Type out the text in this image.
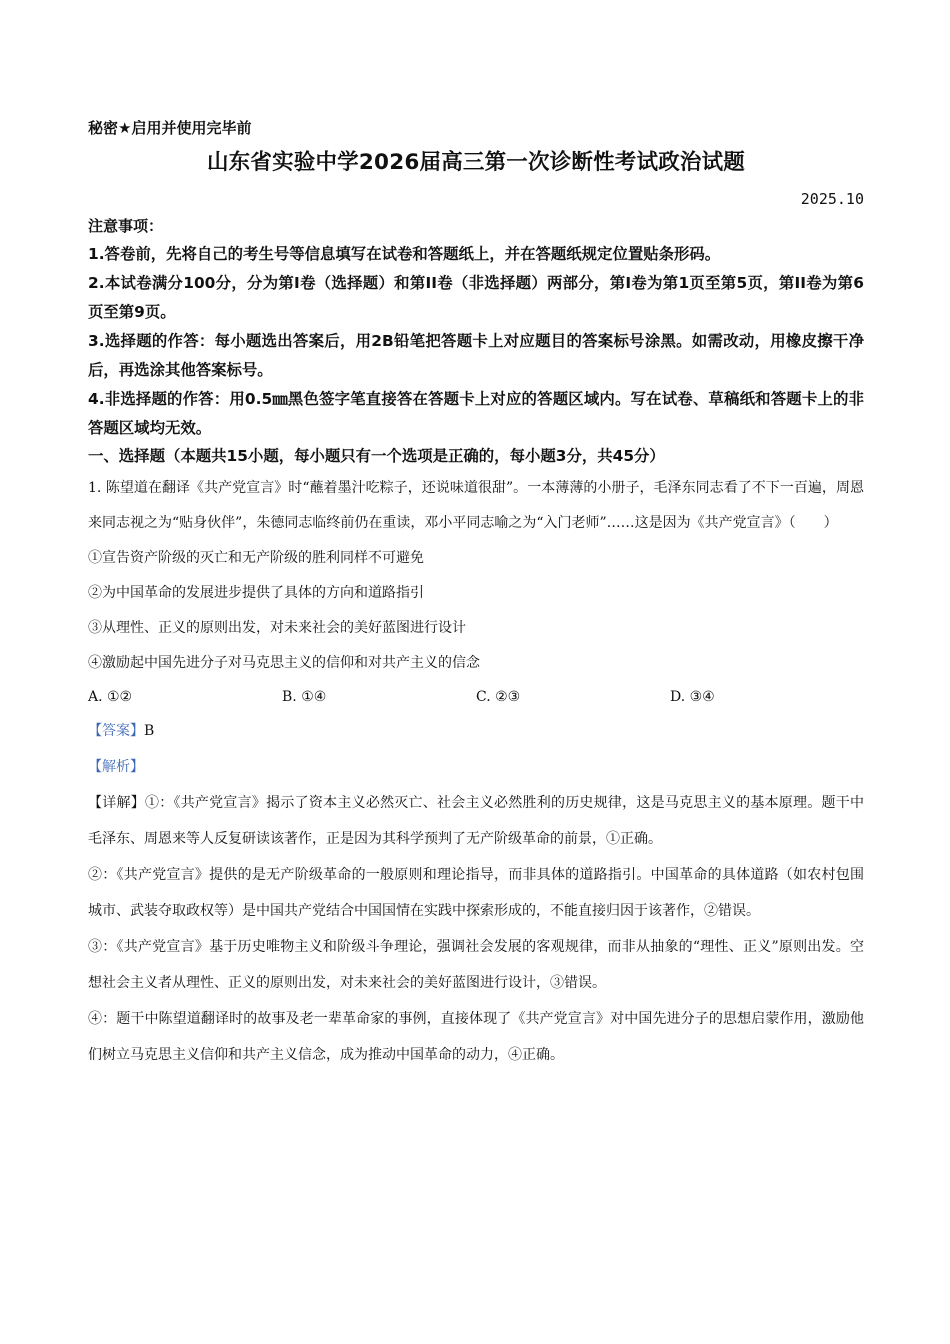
秘密★启用并使用完毕前
山东省实验中学2026届高三第一次诊断性考试政治试题
2025.10
注意事项：
1.答卷前，先将自己的考生号等信息填写在试卷和答题纸上，并在答题纸规定位置贴条形码。
2.本试卷满分100分，分为第Ⅰ卷（选择题）和第II卷（非选择题）两部分，第Ⅰ卷为第1页至第5页，第II卷为第6页至第9页。
3.选择题的作答：每小题选出答案后，用2B铅笔把答题卡上对应题目的答案标号涂黑。如需改动，用橡皮擦干净后，再选涂其他答案标号。
4.非选择题的作答：用0.5㎜黑色签字笔直接答在答题卡上对应的答题区域内。写在试卷、草稿纸和答题卡上的非答题区域均无效。
一、选择题（本题共15小题，每小题只有一个选项是正确的，每小题3分，共45分）
1. 陈望道在翻译《共产党宣言》时“蘸着墨汁吃粽子，还说味道很甜”。一本薄薄的小册子，毛泽东同志看了不下一百遍，周恩来同志视之为“贴身伙伴”，朱德同志临终前仍在重读，邓小平同志喻之为“入门老师”……这是因为《共产党宣言》（　　）
①宣告资产阶级的灭亡和无产阶级的胜利同样不可避免
②为中国革命的发展进步提供了具体的方向和道路指引
③从理性、正义的原则出发，对未来社会的美好蓝图进行设计
④激励起中国先进分子对马克思主义的信仰和对共产主义的信念
A. ①②	B. ①④	C. ②③	D. ③④
【答案】B
【解析】

【详解】①：《共产党宣言》揭示了资本主义必然灭亡、社会主义必然胜利的历史规律，这是马克思主义的基本原理。题干中毛泽东、周恩来等人反复研读该著作，正是因为其科学预判了无产阶级革命的前景，①正确。

②：《共产党宣言》提供的是无产阶级革命的一般原则和理论指导，而非具体的道路指引。中国革命的具体道路（如农村包围城市、武装夺取政权等）是中国共产党结合中国国情在实践中探索形成的，不能直接归因于该著作，②错误。

③：《共产党宣言》基于历史唯物主义和阶级斗争理论，强调社会发展的客观规律，而非从抽象的“理性、正义”原则出发。空想社会主义者从理性、正义的原则出发，对未来社会的美好蓝图进行设计，③错误。

④：题干中陈望道翻译时的故事及老一辈革命家的事例，直接体现了《共产党宣言》对中国先进分子的思想启蒙作用，激励他们树立马克思主义信仰和共产主义信念，成为推动中国革命的动力，④正确。
